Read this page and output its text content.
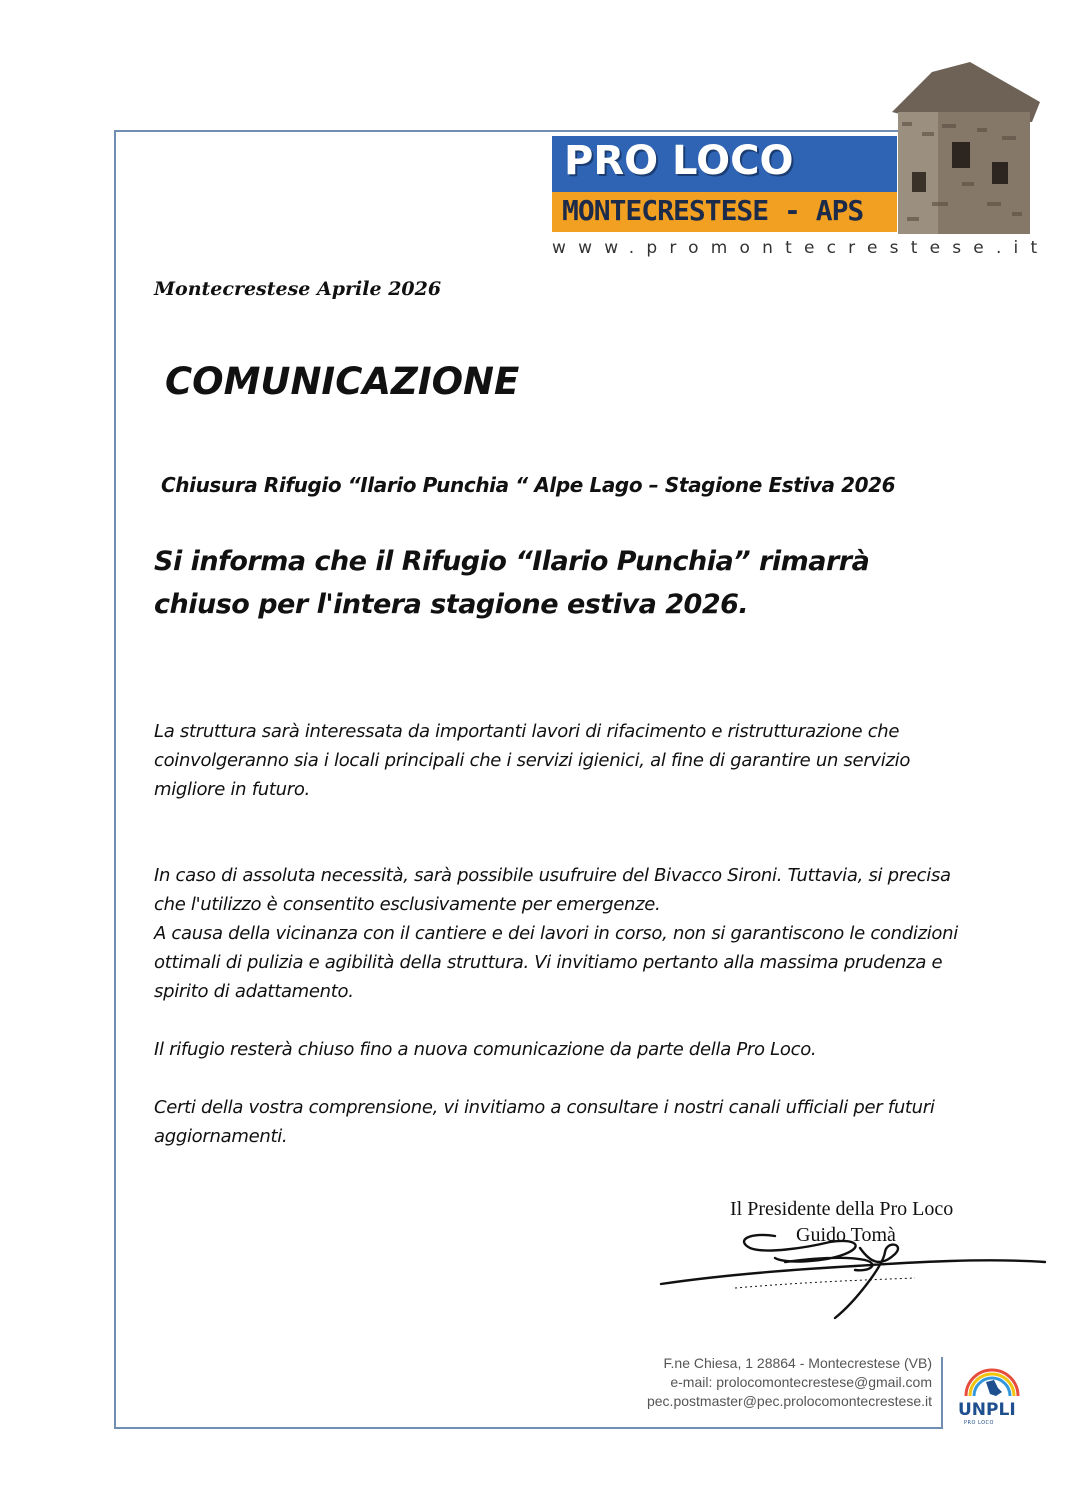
PRO LOCO
MONTECRESTESE - APS
www.promontecrestese.it
Montecrestese Aprile 2026
COMUNICAZIONE
Chiusura Rifugio “Ilario Punchia “ Alpe Lago – Stagione Estiva 2026
Si informa che il Rifugio “Ilario Punchia” rimarrà chiuso per l'intera stagione estiva 2026.

La struttura sarà interessata da importanti lavori di rifacimento e ristrutturazione che coinvolgeranno sia i locali principali che i servizi igienici, al fine di garantire un servizio migliore in futuro.

In caso di assoluta necessità, sarà possibile usufruire del Bivacco Sironi. Tuttavia, si precisa che l'utilizzo è consentito esclusivamente per emergenze.
A causa della vicinanza con il cantiere e dei lavori in corso, non si garantiscono le condizioni ottimali di pulizia e agibilità della struttura. Vi invitiamo pertanto alla massima prudenza e spirito di adattamento.

Il rifugio resterà chiuso fino a nuova comunicazione da parte della Pro Loco.

Certi della vostra comprensione, vi invitiamo a consultare i nostri canali ufficiali per futuri aggiornamenti.

Il Presidente della Pro Loco
Guido Tomà
F.ne Chiesa, 1 28864 - Montecrestese (VB)
e-mail: prolocomontecrestese@gmail.com
pec.postmaster@pec.prolocomontecrestese.it UNPLI
PRO LOCO
